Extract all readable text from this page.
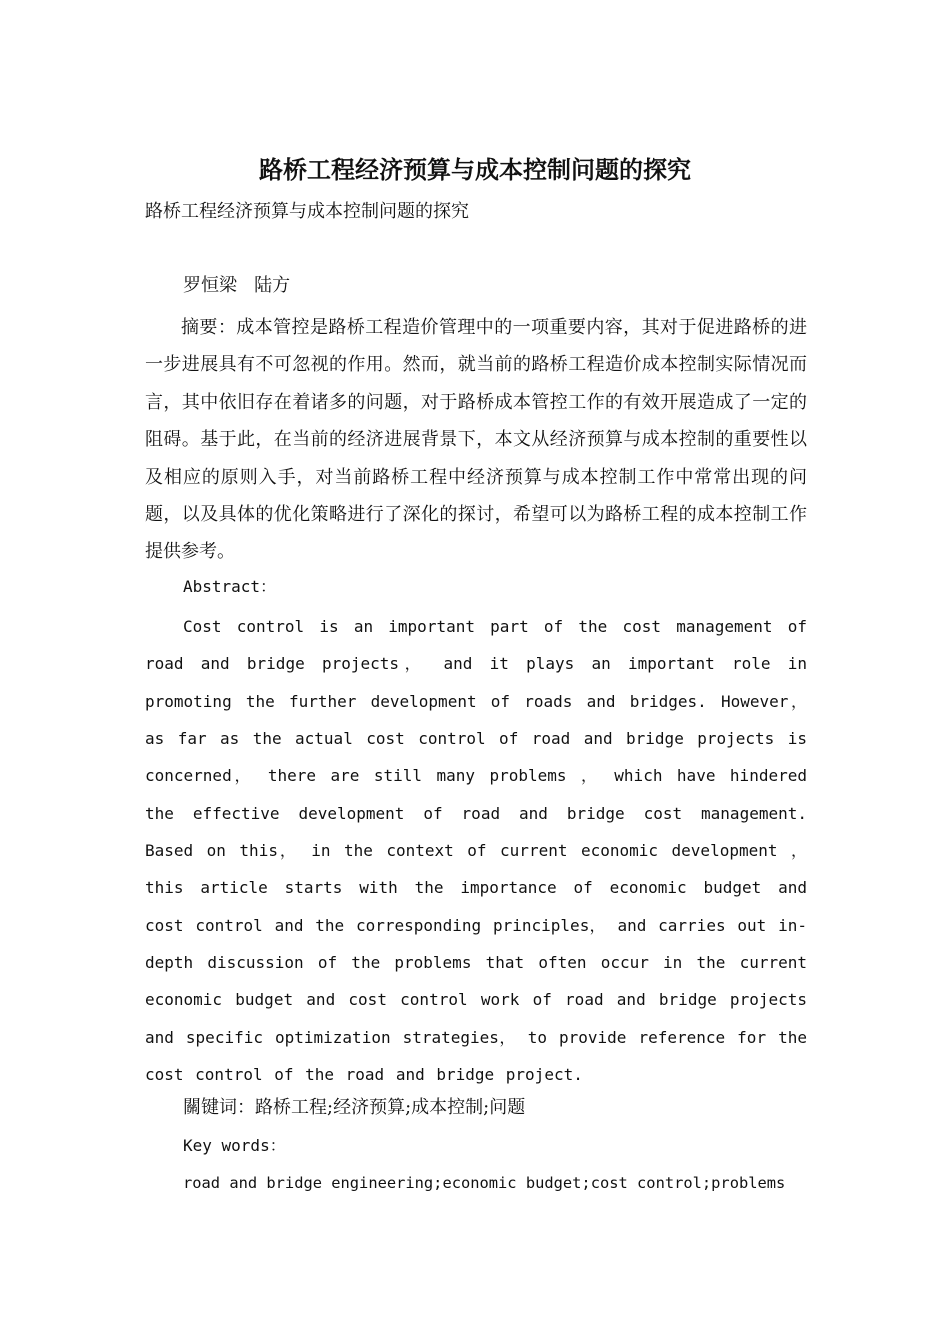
路桥工程经济预算与成本控制问题的探究

路桥工程经济预算与成本控制问题的探究

罗恒梁   陆方

摘要：成本管控是路桥工程造价管理中的一项重要内容，其对于促进路桥的进一步进展具有不可忽视的作用。然而，就当前的路桥工程造价成本控制实际情况而言，其中依旧存在着诸多的问题，对于路桥成本管控工作的有效开展造成了一定的阻碍。基于此，在当前的经济进展背景下，本文从经济预算与成本控制的重要性以及相应的原则入手，对当前路桥工程中经济预算与成本控制工作中常常出现的问题，以及具体的优化策略进行了深化的探讨，希望可以为路桥工程的成本控制工作提供参考。

Abstract：

Cost control is an important part of the cost management of road and bridge projects， and it plays an important role in promoting the further development of roads and bridges. However， as far as the actual cost control of road and bridge projects is concerned， there are still many problems ， which have hindered the effective development of road and bridge cost management. Based on this， in the context of current economic development ， this article starts with the importance of economic budget and cost control and the corresponding principles， and carries out in-depth discussion of the problems that often occur in the current economic budget and cost control work of road and bridge projects and specific optimization strategies， to provide reference for the cost control of the road and bridge project.

關键词：路桥工程;经济预算;成本控制;问题

Key words：

road and bridge engineering;economic budget;cost control;problems
